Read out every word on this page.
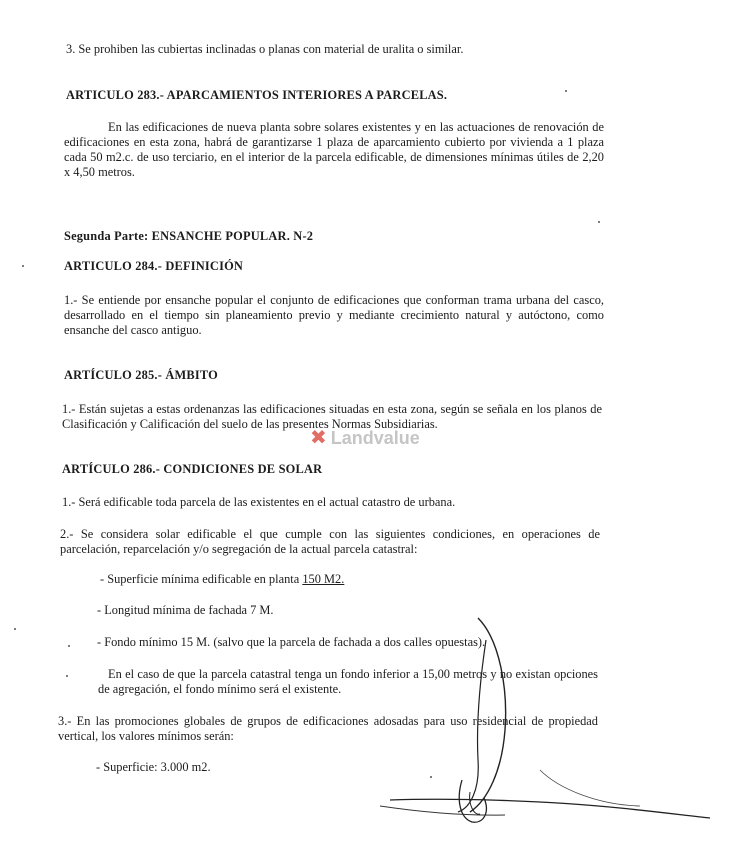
3. Se prohiben las cubiertas inclinadas o planas con material de uralita o similar.

ARTICULO 283.- APARCAMIENTOS INTERIORES A PARCELAS.

En las edificaciones de nueva planta sobre solares existentes y en las actuaciones de renovación de edificaciones en esta zona, habrá de garantizarse 1 plaza de aparcamiento cubierto por vivienda a 1 plaza cada 50 m2.c. de uso terciario, en el interior de la parcela edificable, de dimensiones mínimas útiles de 2,20 x 4,50 metros.

Segunda Parte: ENSANCHE POPULAR. N-2

ARTICULO 284.- DEFINICIÓN

1.- Se entiende por ensanche popular el conjunto de edificaciones que conforman trama urbana del casco, desarrollado en el tiempo sin planeamiento previo y mediante crecimiento natural y autóctono, como ensanche del casco antiguo.

ARTÍCULO 285.- ÁMBITO

1.- Están sujetas a estas ordenanzas las edificaciones situadas en esta zona, según se señala en los planos de Clasificación y Calificación del suelo de las presentes Normas Subsidiarias.

✖ Landvalue

ARTÍCULO 286.- CONDICIONES DE SOLAR

1.- Será edificable toda parcela de las existentes en el actual catastro de urbana.

2.- Se considera solar edificable el que cumple con las siguientes condiciones, en operaciones de parcelación, reparcelación y/o segregación de la actual parcela catastral:

- Superficie mínima edificable en planta 150 M2.

- Longitud mínima de fachada 7 M.

- Fondo mínimo 15 M. (salvo que la parcela de fachada a dos calles opuestas).

En el caso de que la parcela catastral tenga un fondo inferior a 15,00 metros y no existan opciones de agregación, el fondo mínimo será el existente.

3.- En las promociones globales de grupos de edificaciones adosadas para uso residencial de propiedad vertical, los valores mínimos serán:

- Superficie: 3.000 m2.
